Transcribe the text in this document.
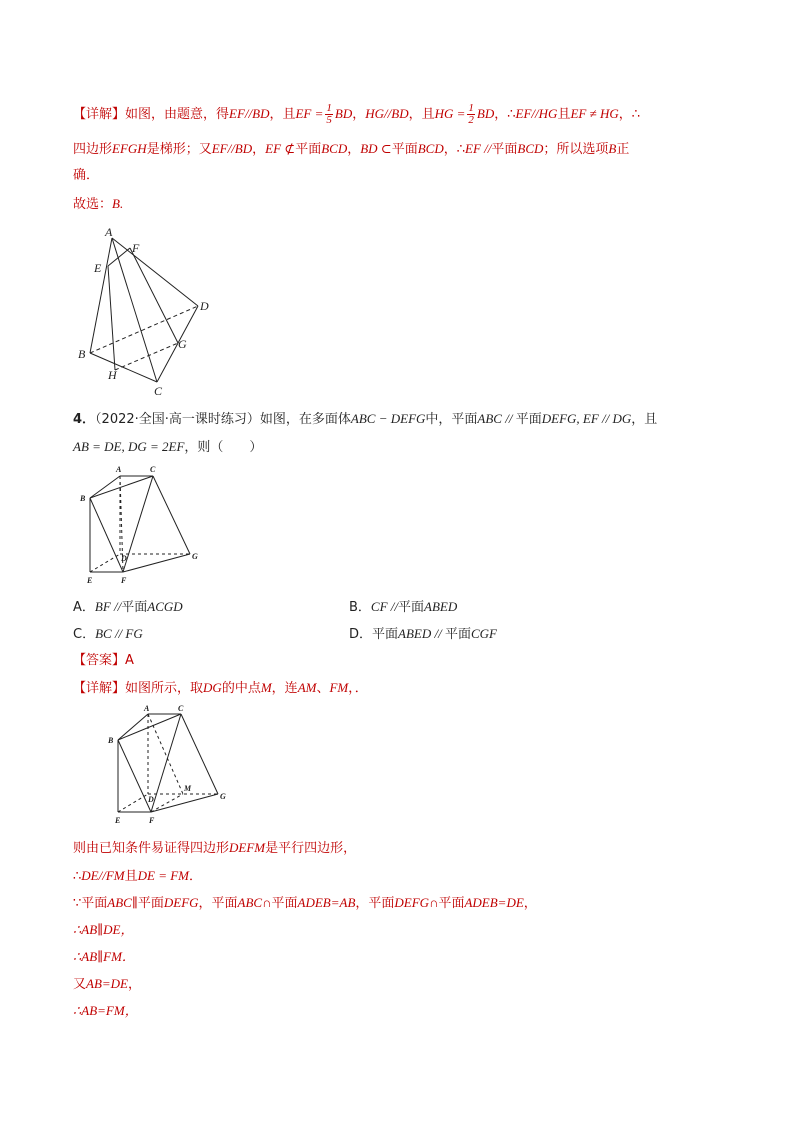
【详解】如图，由题意，得EF//BD，且EF = $\frac{1}{5}$ BD，HG//BD，且HG = $\frac{1}{2}$ BD，∴EF//HG且EF ≠ HG，∴
四边形EFGH是梯形；又EF//BD，EF ⊄平面BCD，BD ⊂平面BCD，∴EF //平面BCD；所以选项B正
确．
故选：B.
A
F
E
D
B
G
H
C
4．（2022·全国·高一课时练习）如图，在多面体ABC − DEFG中，平面ABC // 平面DEFG, EF // DG，且
AB = DE, DG = 2EF，则（　　）
A	C
B
D	G
E	F
A．BF //平面ACGD	B．CF //平面ABED
C．BC // FG	D．平面ABED // 平面CGF
【答案】A
【详解】如图所示，取DG的中点M，连AM、FM，．
A	C
B
D
M
G
E	F
则由已知条件易证得四边形DEFM是平行四边形，
∴DE//FM且DE = FM．
∵平面ABC∥平面DEFG，平面ABC∩平面ADEB=AB，平面DEFG∩平面ADEB=DE，
∴AB∥DE，
∴AB∥FM．
又AB=DE，
∴AB=FM，
